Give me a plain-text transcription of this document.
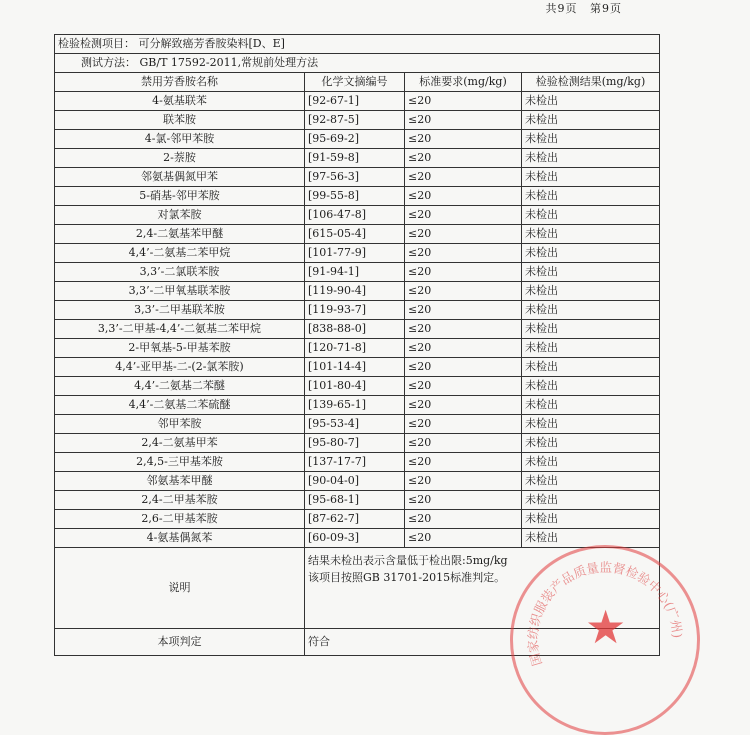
共9页 第9页
检验检测项目： 可分解致癌芳香胺染料[D、E]			
测试方法： GB/T 17592-2011,常规前处理方法			
禁用芳香胺名称	化学文摘编号	标准要求(mg/kg)	检验检测结果(mg/kg)
4-氨基联苯	[92-67-1]	≤20	未检出
联苯胺	[92-87-5]	≤20	未检出
4-氯-邻甲苯胺	[95-69-2]	≤20	未检出
2-萘胺	[91-59-8]	≤20	未检出
邻氨基偶氮甲苯	[97-56-3]	≤20	未检出
5-硝基-邻甲苯胺	[99-55-8]	≤20	未检出
对氯苯胺	[106-47-8]	≤20	未检出
2,4-二氨基苯甲醚	[615-05-4]	≤20	未检出
4,4’-二氨基二苯甲烷	[101-77-9]	≤20	未检出
3,3’-二氯联苯胺	[91-94-1]	≤20	未检出
3,3’-二甲氧基联苯胺	[119-90-4]	≤20	未检出
3,3’-二甲基联苯胺	[119-93-7]	≤20	未检出
3,3’-二甲基-4,4’-二氨基二苯甲烷	[838-88-0]	≤20	未检出
2-甲氧基-5-甲基苯胺	[120-71-8]	≤20	未检出
4,4’-亚甲基-二-(2-氯苯胺)	[101-14-4]	≤20	未检出
4,4’-二氨基二苯醚	[101-80-4]	≤20	未检出
4,4’-二氨基二苯硫醚	[139-65-1]	≤20	未检出
邻甲苯胺	[95-53-4]	≤20	未检出
2,4-二氨基甲苯	[95-80-7]	≤20	未检出
2,4,5-三甲基苯胺	[137-17-7]	≤20	未检出
邻氨基苯甲醚	[90-04-0]	≤20	未检出
2,4-二甲基苯胺	[95-68-1]	≤20	未检出
2,6-二甲基苯胺	[87-62-7]	≤20	未检出
4-氨基偶氮苯	[60-09-3]	≤20	未检出
说明	结果未检出表示含量低于检出限:5mg/kg
该项目按照GB 31701-2015标准判定。		

本项判定	符合		
国家纺织服装产品质量监督检验中心(广州)
★
